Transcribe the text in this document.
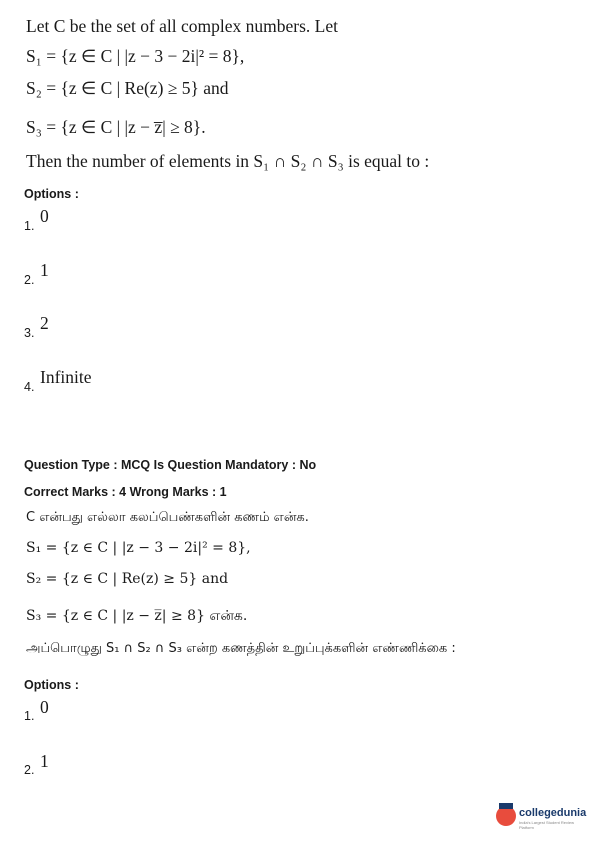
Let C be the set of all complex numbers. Let
S₁ = {z ∈ C | |z − 3 − 2i|² = 8},
S₂ = {z ∈ C | Re(z) ≥ 5} and
S₃ = {z ∈ C | |z − z̅| ≥ 8}.
Then the number of elements in S₁ ∩ S₂ ∩ S₃ is equal to :
Options :
1. 0
2. 1
3. 2
4. Infinite
Question Type : MCQ Is Question Mandatory : No
Correct Marks : 4 Wrong Marks : 1
C என்பது எல்லா கலப்பெண்களின் கணம் என்க.
S₁ = {z ∈ C | |z − 3 − 2i|² = 8},
S₂ = {z ∈ C | Re(z) ≥ 5} and
S₃ = {z ∈ C | |z − z̅| ≥ 8} என்க.
அப்பொழுது S₁ ∩ S₂ ∩ S₃ என்ற கணத்தின் உறுப்புக்களின் எண்ணிக்கை :
Options :
1. 0
2. 1
collegedunia
India's Largest Student Review Platform
